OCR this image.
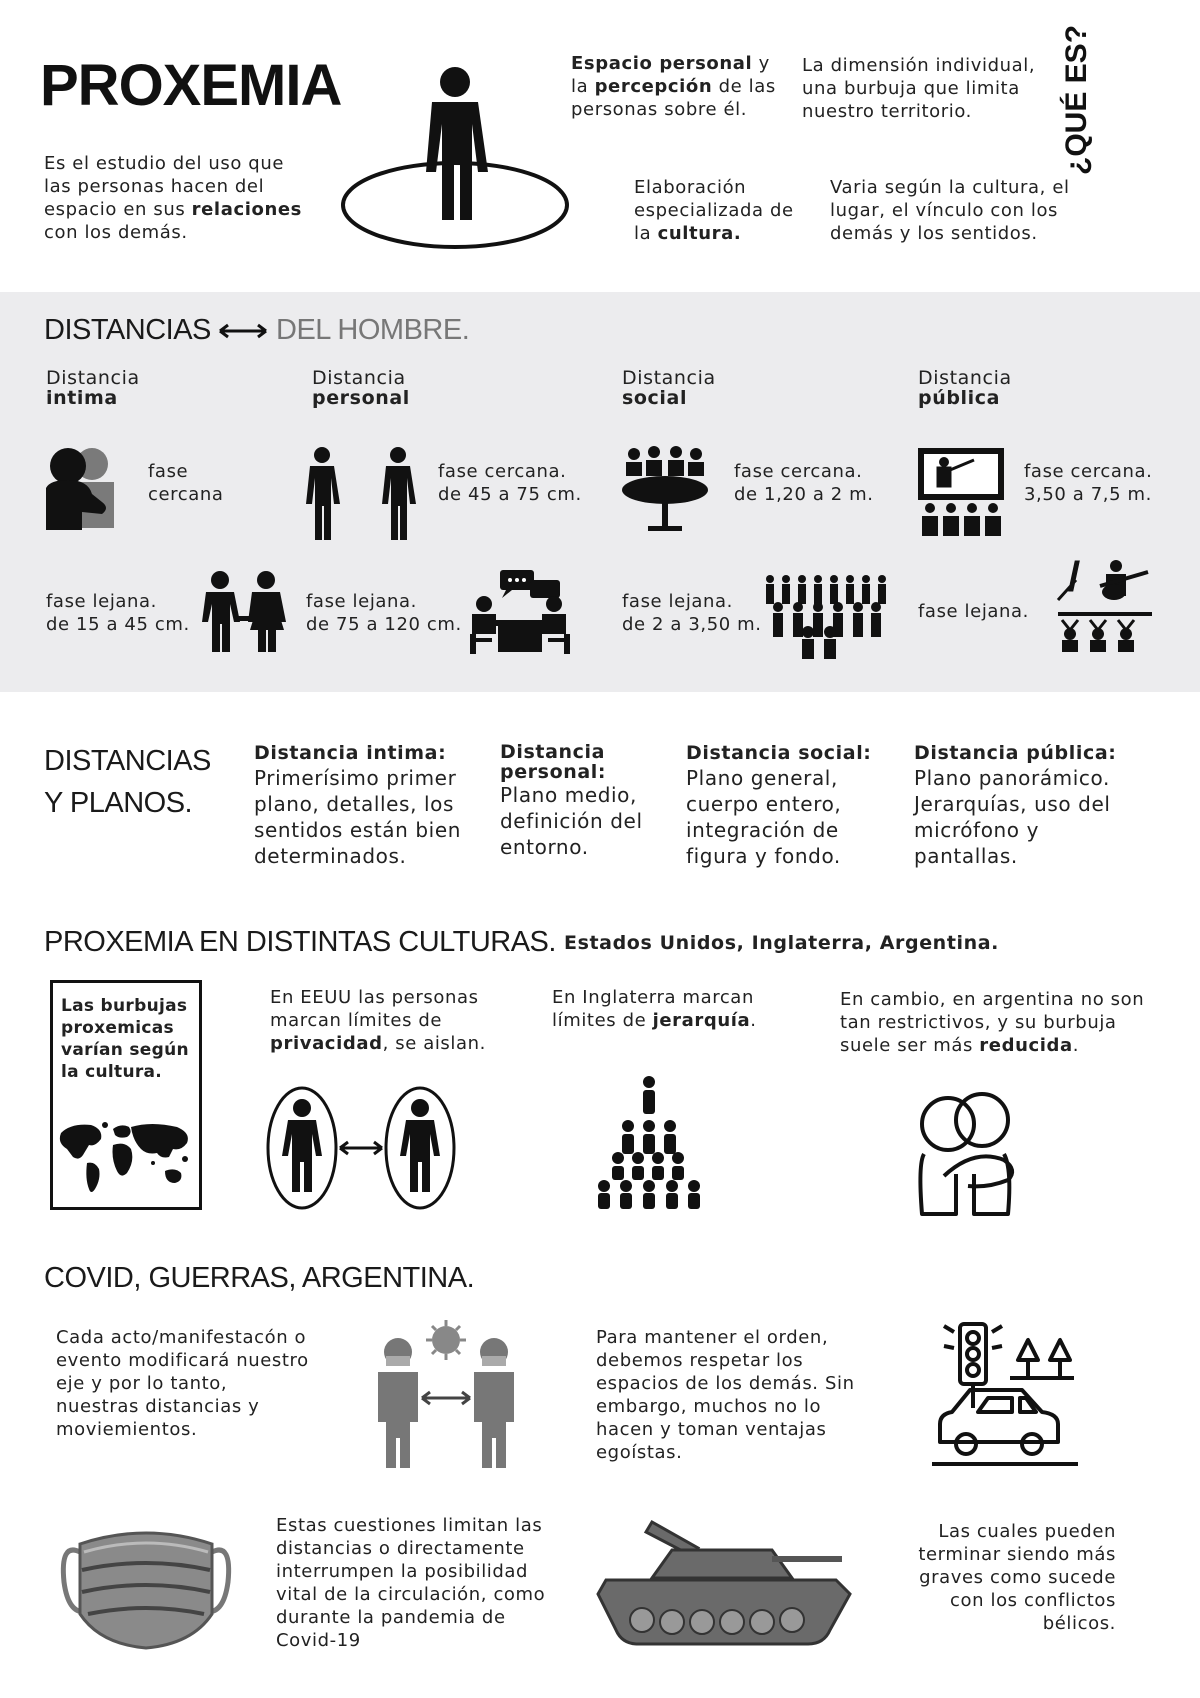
PROXEMIA
Es el estudio del uso que las personas hacen del espacio en sus relaciones con los demás.
Espacio personal y la percepción de las personas sobre él.
La dimensión individual, una burbuja que limita nuestro territorio.
Elaboración especializada de la cultura.
Varia según la cultura, el lugar, el vínculo con los demás y los sentidos.
¿QUÉ ES?
DISTANCIAS DEL HOMBRE.
Distancia
intima
Distancia
personal
Distancia
social
Distancia
pública
fase
cercana
fase cercana.
de 45 a 75 cm.
fase cercana.
de 1,20 a 2 m.
fase cercana.
3,50 a 7,5 m.
fase lejana.
de 15 a 45 cm.
fase lejana.
de 75 a 120 cm.
fase lejana.
de 2 a 3,50 m.
fase lejana.
DISTANCIAS
Y PLANOS.
Distancia intima:
Primerísimo primer plano, detalles, los sentidos están bien determinados.
Distancia personal:
Plano medio, definición del entorno.
Distancia social:
Plano general, cuerpo entero, integración de figura y fondo.
Distancia pública:
Plano panorámico. Jerarquías, uso del micrófono y pantallas.
PROXEMIA EN DISTINTAS CULTURAS. Estados Unidos, Inglaterra, Argentina.
Las burbujas proxemicas varían según la cultura.
En EEUU las personas marcan límites de privacidad, se aislan.
En Inglaterra marcan límites de jerarquía.
En cambio, en argentina no son tan restrictivos, y su burbuja suele ser más reducida.
COVID, GUERRAS, ARGENTINA.
Cada acto/manifestacón o evento modificará nuestro eje y por lo tanto, nuestras distancias y moviemientos.
Para mantener el orden, debemos respetar los espacios de los demás. Sin embargo, muchos no lo hacen y toman ventajas egoístas.
Estas cuestiones limitan las distancias o directamente interrumpen la posibilidad vital de la circulación, como durante la pandemia de Covid-19
Las cuales pueden terminar siendo más graves como sucede con los conflictos bélicos.
